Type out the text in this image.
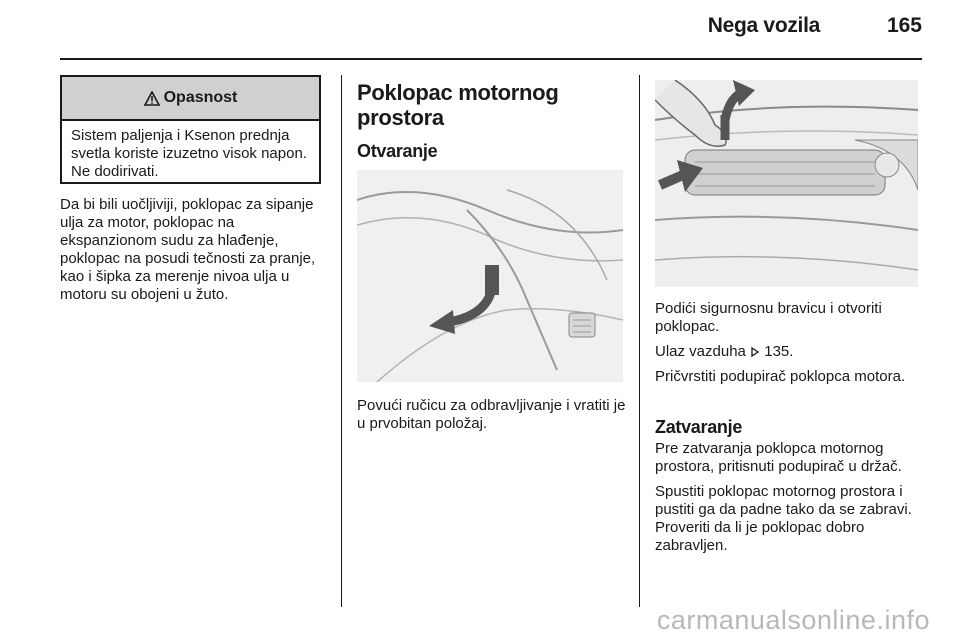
Nega vozila	165
Opasnost
Sistem paljenja i Ksenon prednja svetla koriste izuzetno visok napon. Ne dodirivati.
Da bi bili uočljiviji, poklopac za sipanje ulja za motor, poklopac na ekspanzionom sudu za hlađenje, poklopac na posudi tečnosti za pranje, kao i šipka za merenje nivoa ulja u motoru su obojeni u žuto.
Poklopac motornog
prostora
Otvaranje
Povući ručicu za odbravljivanje i vratiti je u prvobitan položaj.
Podići sigurnosnu bravicu i otvoriti poklopac.
Ulaz vazduha 135.
Pričvrstiti podupirač poklopca motora.
Zatvaranje
Pre zatvaranja poklopca motornog prostora, pritisnuti podupirač u držač.
Spustiti poklopac motornog prostora i pustiti ga da padne tako da se zabravi. Proveriti da li je poklopac dobro zabravljen.
carmanualsonline.info
